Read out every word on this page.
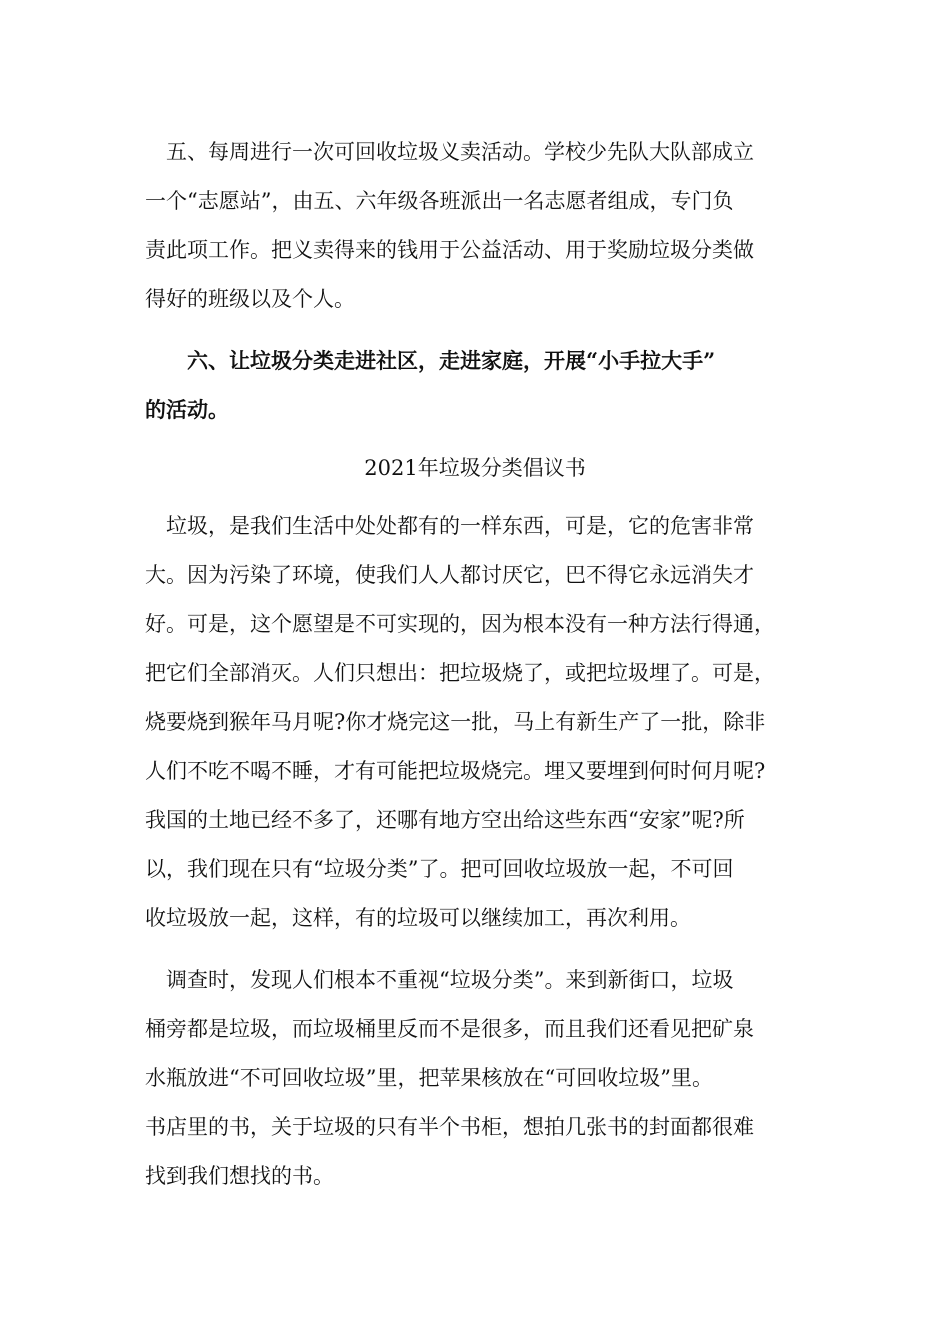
　五、每周进行一次可回收垃圾义卖活动。学校少先队大队部成立
一个“志愿站”，由五、六年级各班派出一名志愿者组成，专门负
责此项工作。把义卖得来的钱用于公益活动、用于奖励垃圾分类做
得好的班级以及个人。
　　六、让垃圾分类走进社区，走进家庭，开展“小手拉大手”
的活动。
2021年垃圾分类倡议书
　垃圾，是我们生活中处处都有的一样东西，可是，它的危害非常
大。因为污染了环境，使我们人人都讨厌它，巴不得它永远消失才
好。可是，这个愿望是不可实现的，因为根本没有一种方法行得通，
把它们全部消灭。人们只想出：把垃圾烧了，或把垃圾埋了。可是，
烧要烧到猴年马月呢?你才烧完这一批，马上有新生产了一批，除非
人们不吃不喝不睡，才有可能把垃圾烧完。埋又要埋到何时何月呢?
我国的土地已经不多了，还哪有地方空出给这些东西“安家”呢?所
以，我们现在只有“垃圾分类”了。把可回收垃圾放一起，不可回
收垃圾放一起，这样，有的垃圾可以继续加工，再次利用。
　调查时，发现人们根本不重视“垃圾分类”。来到新街口，垃圾
桶旁都是垃圾，而垃圾桶里反而不是很多，而且我们还看见把矿泉
水瓶放进“不可回收垃圾”里，把苹果核放在“可回收垃圾”里。
书店里的书，关于垃圾的只有半个书柜，想拍几张书的封面都很难
找到我们想找的书。
